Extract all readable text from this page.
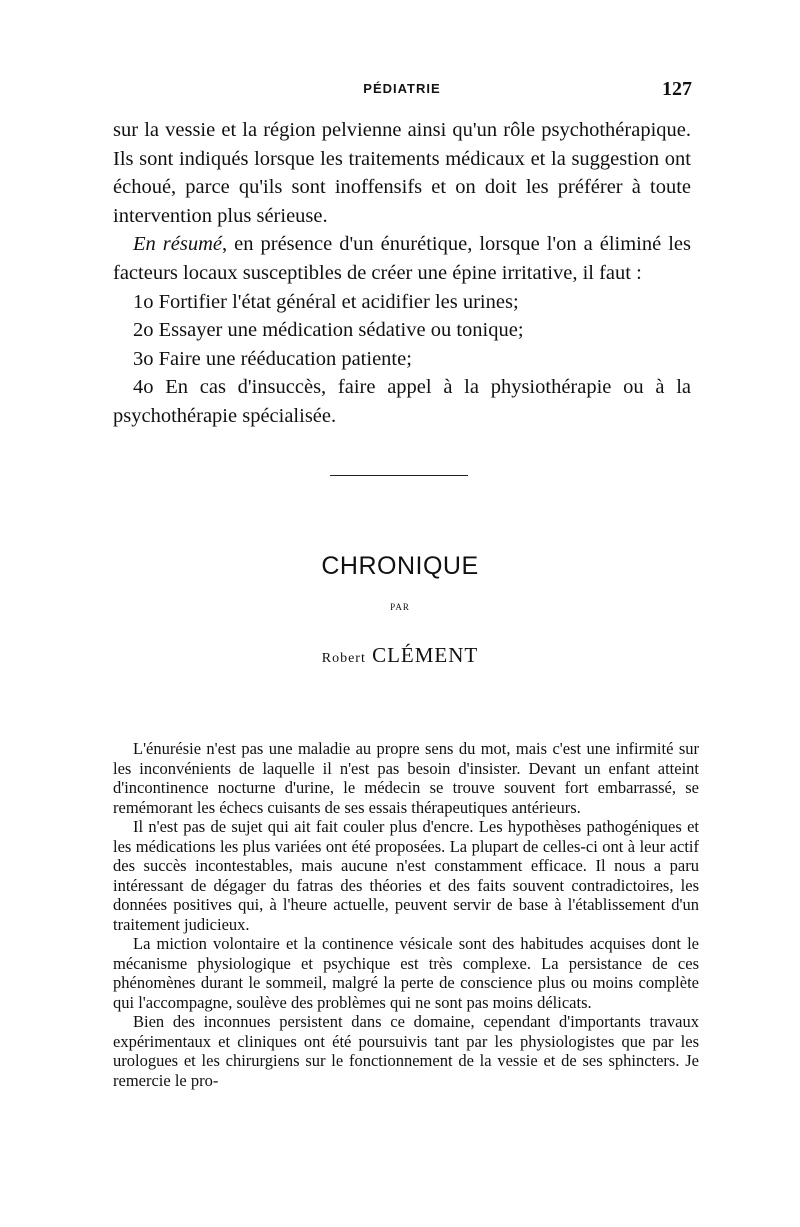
PÉDIATRIE	127

sur la vessie et la région pelvienne ainsi qu'un rôle psychothérapique. Ils sont indiqués lorsque les traitements médicaux et la suggestion ont échoué, parce qu'ils sont inoffensifs et on doit les préférer à toute intervention plus sérieuse.

En résumé, en présence d'un énurétique, lorsque l'on a éliminé les facteurs locaux susceptibles de créer une épine irritative, il faut :

1o Fortifier l'état général et acidifier les urines;

2o Essayer une médication sédative ou tonique;

3o Faire une rééducation patiente;

4o En cas d'insuccès, faire appel à la physiothérapie ou à la psychothérapie spécialisée.

CHRONIQUE
PAR
Robert CLÉMENT

L'énurésie n'est pas une maladie au propre sens du mot, mais c'est une infirmité sur les inconvénients de laquelle il n'est pas besoin d'insister. Devant un enfant atteint d'incontinence nocturne d'urine, le médecin se trouve souvent fort embarrassé, se remémorant les échecs cuisants de ses essais thérapeutiques antérieurs.

Il n'est pas de sujet qui ait fait couler plus d'encre. Les hypothèses pathogéniques et les médications les plus variées ont été proposées. La plupart de celles-ci ont à leur actif des succès incontestables, mais aucune n'est constamment efficace. Il nous a paru intéressant de dégager du fatras des théories et des faits souvent contradictoires, les données positives qui, à l'heure actuelle, peuvent servir de base à l'établissement d'un traitement judicieux.

La miction volontaire et la continence vésicale sont des habitudes acquises dont le mécanisme physiologique et psychique est très complexe. La persistance de ces phénomènes durant le sommeil, malgré la perte de conscience plus ou moins complète qui l'accompagne, soulève des problèmes qui ne sont pas moins délicats.

Bien des inconnues persistent dans ce domaine, cependant d'importants travaux expérimentaux et cliniques ont été poursuivis tant par les physiologistes que par les urologues et les chirurgiens sur le fonctionnement de la vessie et de ses sphincters. Je remercie le pro-
